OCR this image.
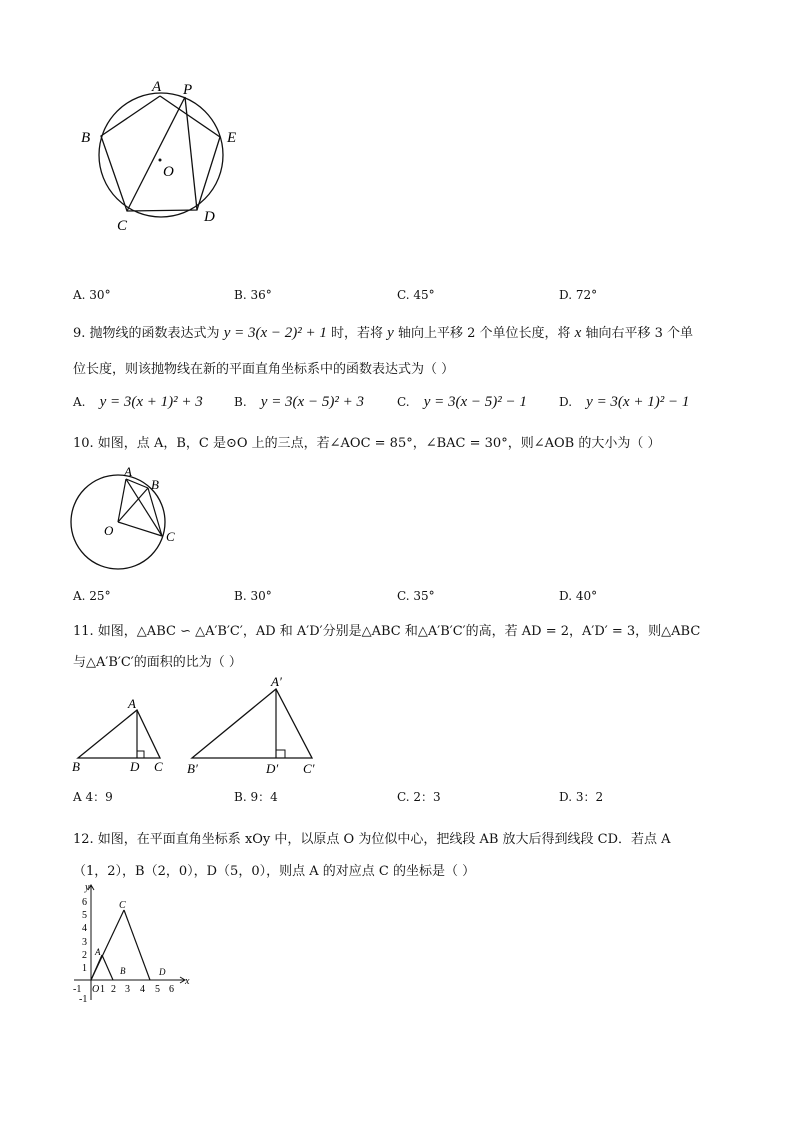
A P
B	E
O
C
D
A. 30°	B. 36°	C. 45°	D. 72°
9. 抛物线的函数表达式为 y = 3(x − 2)² + 1 时，若将 y 轴向上平移 2 个单位长度，将 x 轴向右平移 3 个单
位长度，则该抛物线在新的平面直角坐标系中的函数表达式为（ ）
A. y = 3(x + 1)² + 3	B. y = 3(x − 5)² + 3	C. y = 3(x − 5)² − 1	D. y = 3(x + 1)² − 1
10. 如图，点 A，B，C 是⊙O 上的三点，若∠AOC = 85°，∠BAC = 30°，则∠AOB 的大小为（ ）
A
B
O	C
A. 25°	B. 30°	C. 35°	D. 40°
11. 如图，△ABC ∽ △A′B′C′，AD 和 A′D′分别是△ABC 和△A′B′C′的高，若 AD = 2，A′D′ = 3，则△ABC
与△A′B′C′的面积的比为（ ）
A
B	D C
A′
B′	D′ C′
A 4：9	B. 9：4	C. 2：3	D. 3：2
12. 如图，在平面直角坐标系 xOy 中，以原点 O 为位似中心，把线段 AB 放大后得到线段 CD．若点 A
（1，2），B（2，0），D（5，0），则点 A 的对应点 C 的坐标是（ ）
x
y
O
-1 1 2 3 4 5 6
-1
1
2
3
4
5
6
A
B
C
D
